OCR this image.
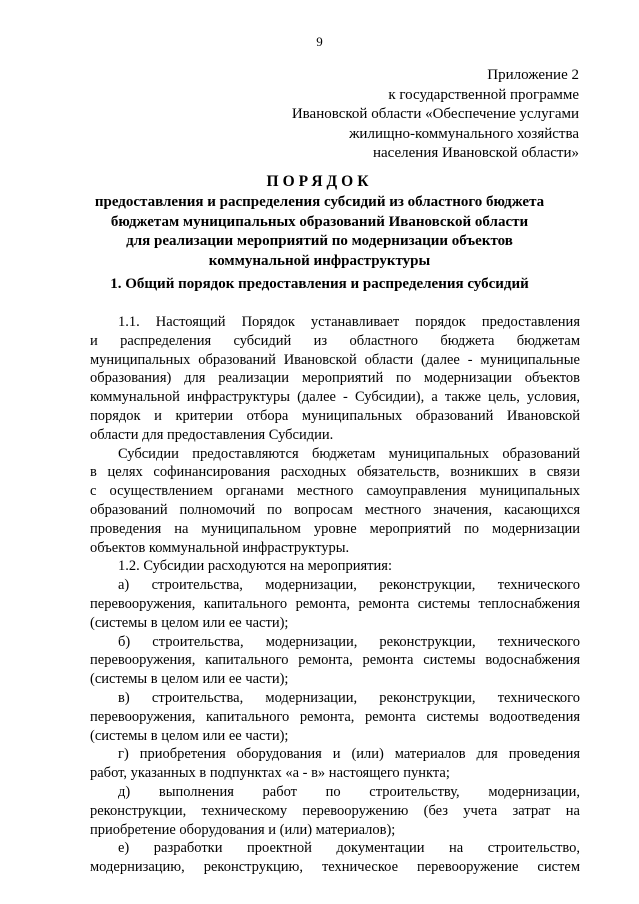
9
Приложение 2
к государственной программе
Ивановской области «Обеспечение услугами
жилищно-коммунального хозяйства
населения Ивановской области»
ПОРЯДОК
предоставления и распределения субсидий из областного бюджета
бюджетам муниципальных образований Ивановской области
для реализации мероприятий по модернизации объектов
коммунальной инфраструктуры
1. Общий порядок предоставления и распределения субсидий
1.1. Настоящий Порядок устанавливает порядок предоставления
и распределения субсидий из областного бюджета бюджетам
муниципальных образований Ивановской области (далее - муниципальные
образования) для реализации мероприятий по модернизации объектов
коммунальной инфраструктуры (далее - Субсидии), а также цель, условия,
порядок и критерии отбора муниципальных образований Ивановской
области для предоставления Субсидии.
Субсидии предоставляются бюджетам муниципальных образований
в целях софинансирования расходных обязательств, возникших в связи
с осуществлением органами местного самоуправления муниципальных
образований полномочий по вопросам местного значения, касающихся
проведения на муниципальном уровне мероприятий по модернизации
объектов коммунальной инфраструктуры.
1.2. Субсидии расходуются на мероприятия:
а) строительства, модернизации, реконструкции, технического
перевооружения, капитального ремонта, ремонта системы теплоснабжения
(системы в целом или ее части);
б) строительства, модернизации, реконструкции, технического
перевооружения, капитального ремонта, ремонта системы водоснабжения
(системы в целом или ее части);
в) строительства, модернизации, реконструкции, технического
перевооружения, капитального ремонта, ремонта системы водоотведения
(системы в целом или ее части);
г) приобретения оборудования и (или) материалов для проведения
работ, указанных в подпунктах «а - в» настоящего пункта;
д) выполнения работ по строительству, модернизации,
реконструкции, техническому перевооружению (без учета затрат на
приобретение оборудования и (или) материалов);
е) разработки проектной документации на строительство,
модернизацию, реконструкцию, техническое перевооружение систем
